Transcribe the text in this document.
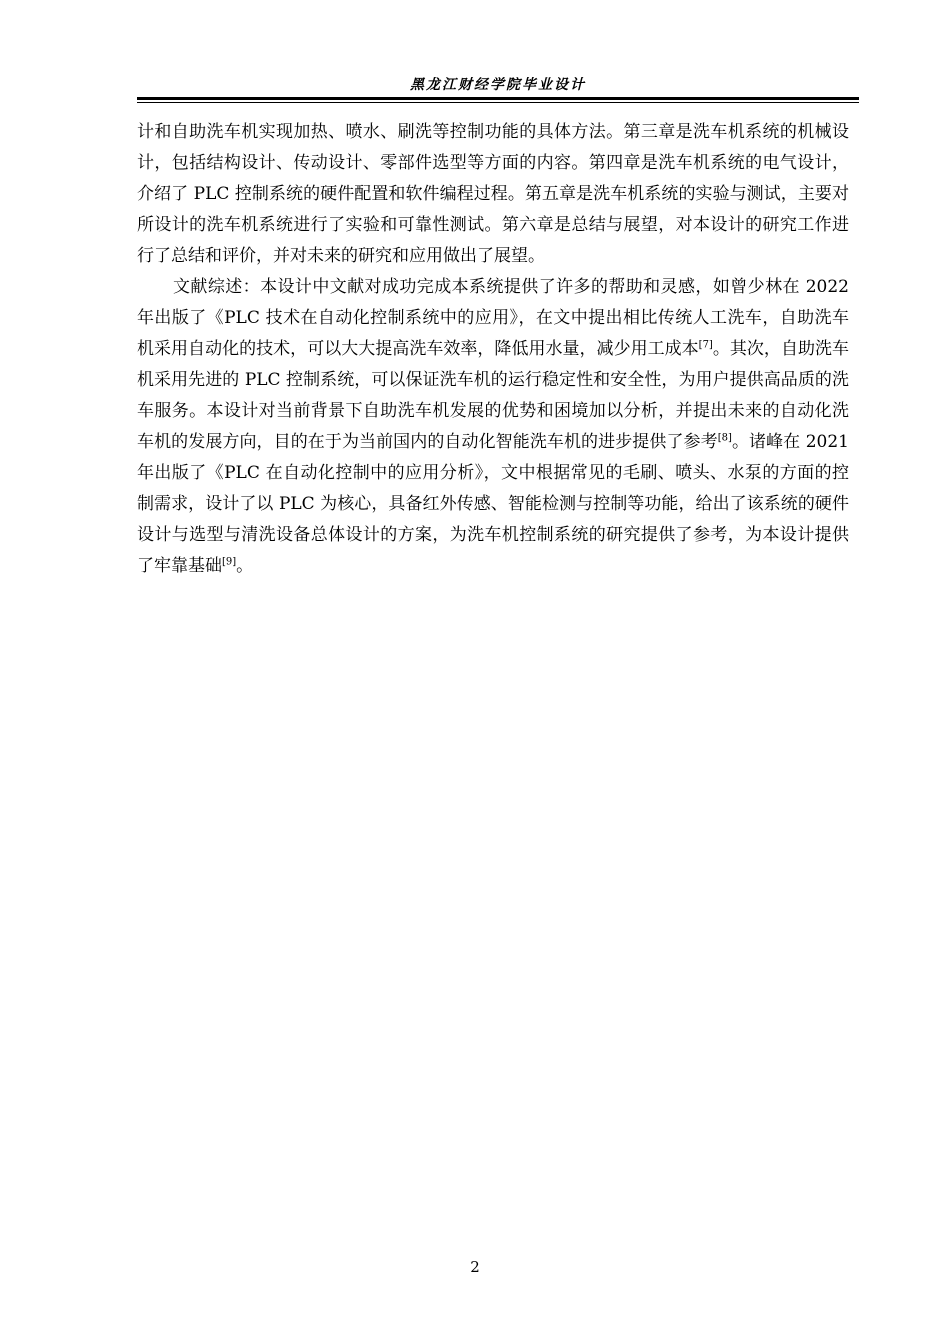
黑龙江财经学院毕业设计

计和自助洗车机实现加热、喷水、刷洗等控制功能的具体方法。第三章是洗车机系统的机械设计，包括结构设计、传动设计、零部件选型等方面的内容。第四章是洗车机系统的电气设计，介绍了 PLC 控制系统的硬件配置和软件编程过程。第五章是洗车机系统的实验与测试，主要对所设计的洗车机系统进行了实验和可靠性测试。第六章是总结与展望，对本设计的研究工作进行了总结和评价，并对未来的研究和应用做出了展望。

文献综述：本设计中文献对成功完成本系统提供了许多的帮助和灵感，如曾少林在 2022 年出版了《PLC 技术在自动化控制系统中的应用》，在文中提出相比传统人工洗车，自助洗车机采用自动化的技术，可以大大提高洗车效率，降低用水量，减少用工成本[7]。其次，自助洗车机采用先进的 PLC 控制系统，可以保证洗车机的运行稳定性和安全性，为用户提供高品质的洗车服务。本设计对当前背景下自助洗车机发展的优势和困境加以分析，并提出未来的自动化洗车机的发展方向，目的在于为当前国内的自动化智能洗车机的进步提供了参考[8]。诸峰在 2021 年出版了《PLC 在自动化控制中的应用分析》，文中根据常见的毛刷、喷头、水泵的方面的控制需求，设计了以 PLC 为核心，具备红外传感、智能检测与控制等功能，给出了该系统的硬件设计与选型与清洗设备总体设计的方案，为洗车机控制系统的研究提供了参考，为本设计提供了牢靠基础[9]。

2
